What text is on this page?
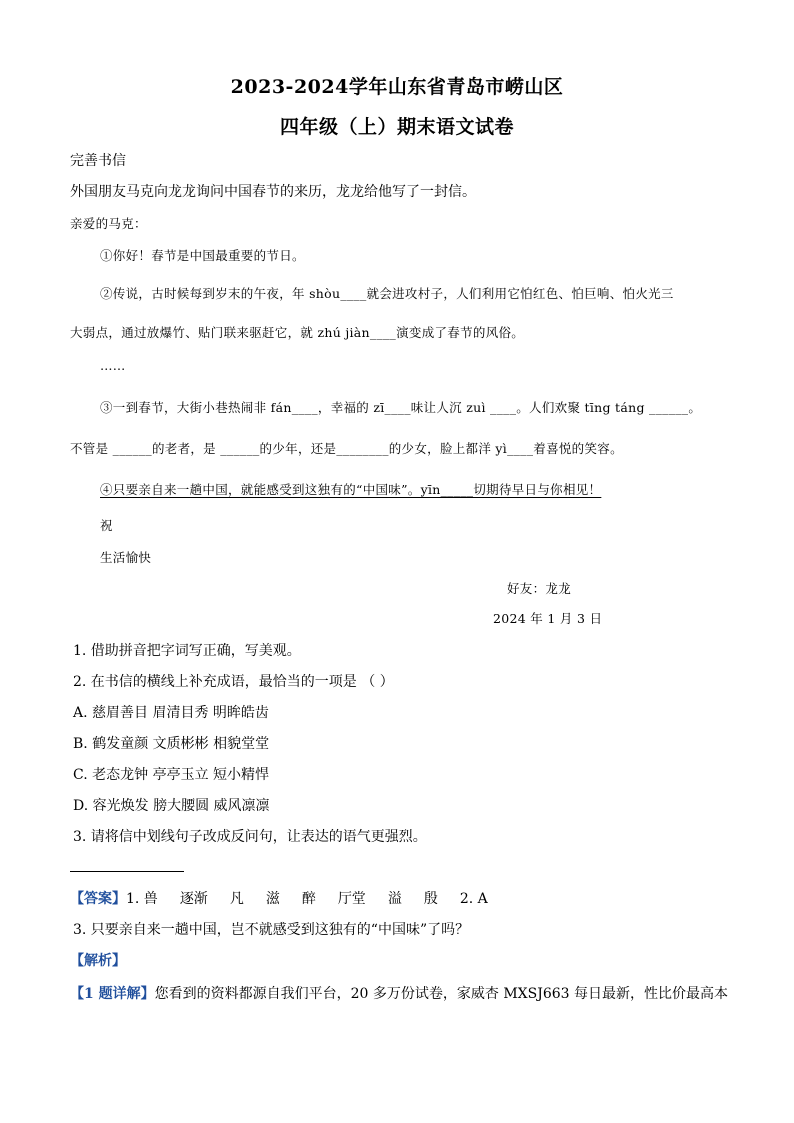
2023-2024学年山东省青岛市崂山区
四年级（上）期末语文试卷
完善书信
外国朋友马克向龙龙询问中国春节的来历，龙龙给他写了一封信。
亲爱的马克：
①你好！春节是中国最重要的节日。
②传说，古时候每到岁末的午夜，年 shòu____就会进攻村子，人们利用它怕红色、怕巨响、怕火光三
大弱点，通过放爆竹、贴门联来驱赶它，就 zhú jiàn____演变成了春节的风俗。
……
③一到春节，大街小巷热闹非 fán____，幸福的 zī____味让人沉 zuì ____。人们欢聚 tīng táng ______。
不管是 ______的老者，是 ______的少年，还是________的少女，脸上都洋 yì____着喜悦的笑容。
④只要亲自来一趟中国，就能感受到这独有的“中国味”。yīn_____切期待早日与你相见！
祝
生活愉快
好友：龙龙
2024 年 1 月 3 日
1. 借助拼音把字词写正确，写美观。
2. 在书信的横线上补充成语，最恰当的一项是 （ ）
A. 慈眉善目 眉清目秀 明眸皓齿
B. 鹤发童颜 文质彬彬 相貌堂堂
C. 老态龙钟 亭亭玉立 短小精悍
D. 容光焕发 膀大腰圆 威风凛凛
3. 请将信中划线句子改成反问句，让表达的语气更强烈。
【答案】1. 兽 逐渐 凡 滋 醉 厅堂 溢 殷 2. A
3. 只要亲自来一趟中国，岂不就感受到这独有的“中国味”了吗？
【解析】
【1 题详解】您看到的资料都源自我们平台，20 多万份试卷，家威杏 MXSJ663 每日最新，性比价最高本
